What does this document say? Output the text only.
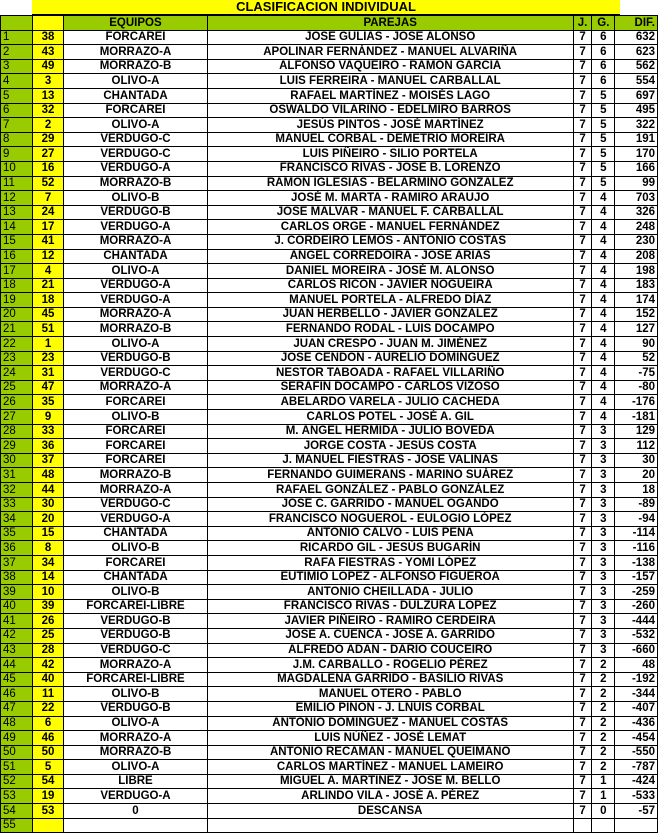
CLASIFICACION INDIVIDUAL
		EQUIPOS	PAREJAS	J.	G.	DIF.
1	38	FORCAREI	JOSÉ GULÍAS - JOSÉ ALONSO	7	6	632
2	43	MORRAZO-A	APOLINAR FERNÁNDEZ - MANUEL ALVARIÑA	7	6	623
3	49	MORRAZO-B	ALFONSO VAQUEIRO - RAMÓN GARCÍA	7	6	562
4	3	OLIVO-A	LUIS FERREIRA - MANUEL CARBALLAL	7	6	554
5	13	CHANTADA	RAFAEL MARTÍNEZ - MOISÉS LAGO	7	5	697
6	32	FORCAREI	OSWALDO VILARIÑO - EDELMIRO BARROS	7	5	495
7	2	OLIVO-A	JESÚS PINTOS - JOSÉ MARTÍNEZ	7	5	322
8	29	VERDUGO-C	MANUEL CORBAL - DEMETRIO MOREIRA	7	5	191
9	27	VERDUGO-C	LUIS PIÑEIRO - SILIO PORTELA	7	5	170
10	16	VERDUGO-A	FRANCISCO RIVAS - JOSÉ B. LORENZO	7	5	166
11	52	MORRAZO-B	RAMÓN IGLESIAS - BELARMINO GONZÁLEZ	7	5	99
12	7	OLIVO-B	JOSÉ M. MARTA - RAMIRO ARAUJO	7	4	703
13	24	VERDUGO-B	JOSÉ MALVAR - MANUEL F. CARBALLAL	7	4	326
14	17	VERDUGO-A	CARLOS ORGE - MANUEL FERNÁNDEZ	7	4	248
15	41	MORRAZO-A	J. CORDEIRO LEMOS - ANTONIO COSTAS	7	4	230
16	12	CHANTADA	ÁNGEL CORREDOIRA - JOSÉ ARIAS	7	4	208
17	4	OLIVO-A	DANIEL MOREIRA - JOSÉ M. ALONSO	7	4	198
18	21	VERDUGO-A	CARLOS RICÓN - JAVIER NOGUEIRA	7	4	183
19	18	VERDUGO-A	MANUEL PORTELA - ALFREDO DÍAZ	7	4	174
20	45	MORRAZO-A	JUAN HERBELLO - JAVIER GONZÁLEZ	7	4	152
21	51	MORRAZO-B	FERNANDO RODAL - LUIS DOCAMPO	7	4	127
22	1	OLIVO-A	JUAN CRESPO - JUAN M. JIMÉNEZ	7	4	90
23	23	VERDUGO-B	JOSÉ CENDÓN - AURELIO DOMÍNGUEZ	7	4	52
24	31	VERDUGO-C	NESTOR TABOADA - RAFAEL VILLARIÑO	7	4	-75
25	47	MORRAZO-A	SERAFÍN DOCAMPO - CARLOS VIZOSO	7	4	-80
26	35	FORCAREI	ABELARDO VARELA - JULIO CACHEDA	7	4	-176
27	9	OLIVO-B	CARLOS POTEL - JOSÉ A. GIL	7	4	-181
28	33	FORCAREI	M. ÁNGEL HERMIDA - JULIO BÓVEDA	7	3	129
29	36	FORCAREI	JORGE COSTA - JESÚS COSTA	7	3	112
30	37	FORCAREI	J. MANUEL FIESTRAS - JOSÉ VALIÑAS	7	3	30
31	48	MORRAZO-B	FERNANDO GUIMERANS - MARINO SUÁREZ	7	3	20
32	44	MORRAZO-A	RAFAEL GONZÁLEZ - PABLO GONZÁLEZ	7	3	18
33	30	VERDUGO-C	JOSÉ C. GARRIDO - MANUEL OGANDO	7	3	-89
34	20	VERDUGO-A	FRANCISCO NOGUEROL - EULOGIO LÓPEZ	7	3	-94
35	15	CHANTADA	ANTONIO CALVO - LUIS PENA	7	3	-114
36	8	OLIVO-B	RICARDO GIL - JESÚS BUGARÍN	7	3	-116
37	34	FORCAREI	RAFA FIESTRAS - YOMI LÓPEZ	7	3	-138
38	14	CHANTADA	EUTIMIO LÓPEZ - ALFONSO FIGUEROA	7	3	-157
39	10	OLIVO-B	ANTONIO CHEILLADA - JULIO	7	3	-259
40	39	FORCAREI-LIBRE	FRANCISCO RIVAS - DULZURA LÓPEZ	7	3	-260
41	26	VERDUGO-B	JAVIER PIÑEIRO - RAMIRO CERDEIRA	7	3	-444
42	25	VERDUGO-B	JOSÉ A. CUENCA - JOSÉ A. GARRIDO	7	3	-532
43	28	VERDUGO-C	ALFREDO ADÁN - DARÍO COUCEIRO	7	3	-660
44	42	MORRAZO-A	J.M. CARBALLO - ROGELIO PÉREZ	7	2	48
45	40	FORCAREI-LIBRE	MAGDALENA GARRIDO - BASILIO RIVAS	7	2	-192
46	11	OLIVO-B	MANUEL OTERO - PABLO	7	2	-344
47	22	VERDUGO-B	EMILIO PIÑÓN - J. LÑUIS CORBAL	7	2	-407
48	6	OLIVO-A	ANTONIO DOMÍNGUEZ - MANUEL COSTAS	7	2	-436
49	46	MORRAZO-A	LUIS NÚÑEZ - JOSÉ LEMAT	7	2	-454
50	50	MORRAZO-B	ANTONIO RECAMÁN - MANUEL QUEIMAÑO	7	2	-550
51	5	OLIVO-A	CARLOS MARTÍNEZ - MANUEL LAMEIRO	7	2	-787
52	54	LIBRE	MIGUEL A. MARTÍNEZ - JOSÉ M. BELLO	7	1	-424
53	19	VERDUGO-A	ARLINDO VILA - JOSÉ A. PÉREZ	7	1	-533
54	53	0	DESCANSA	7	0	-57
55						
